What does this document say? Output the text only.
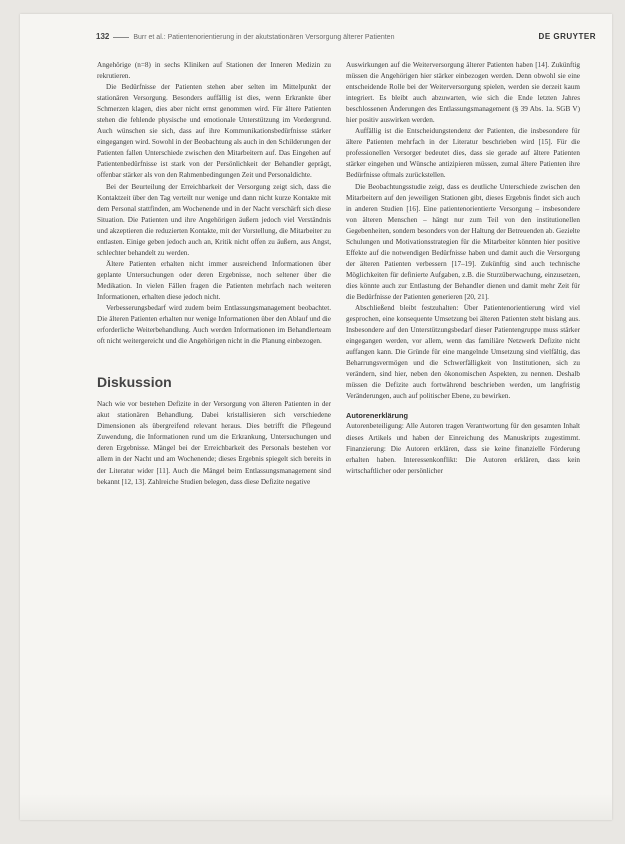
132	Burr et al.: Patientenorientierung in der akutstationären Versorgung älterer Patienten	DE GRUYTER

Angehörige (n=8) in sechs Kliniken auf Stationen der Inneren Medizin zu rekrutieren.

Die Bedürfnisse der Patienten stehen aber selten im Mittelpunkt der stationären Versorgung. Besonders auffällig ist dies, wenn Erkrankte über Schmerzen klagen, dies aber nicht ernst genommen wird. Für ältere Patienten stehen die fehlende physische und emotionale Unterstützung im Vordergrund. Auch wünschen sie sich, dass auf ihre Kommunikationsbedürfnisse stärker eingegangen wird. Sowohl in der Beobachtung als auch in den Schilderungen der Patienten fallen Unterschiede zwischen den Mitarbeitern auf. Das Eingehen auf Patientenbedürfnisse ist stark von der Persönlichkeit der Behandler geprägt, offenbar stärker als von den Rahmenbedingungen Zeit und Personaldichte.

Bei der Beurteilung der Erreichbarkeit der Versorgung zeigt sich, dass die Kontaktzeit über den Tag verteilt nur wenige und dann nicht kurze Kontakte mit dem Personal stattfinden, am Wochenende und in der Nacht verschärft sich diese Situation. Die Patienten und ihre Angehörigen äußern jedoch viel Verständnis und akzeptieren die reduzierten Kontakte, mit der Vorstellung, die Mitarbeiter zu entlasten. Einige geben jedoch auch an, Kritik nicht offen zu äußern, aus Angst, schlechter behandelt zu werden.

Ältere Patienten erhalten nicht immer ausreichend Informationen über geplante Untersuchungen oder deren Ergebnisse, noch seltener über die Medikation. In vielen Fällen fragen die Patienten mehrfach nach weiteren Informationen, erhalten diese jedoch nicht.

Verbesserungsbedarf wird zudem beim Entlassungsmanagement beobachtet. Die älteren Patienten erhalten nur wenige Informationen über den Ablauf und die erforderliche Weiterbehandlung. Auch werden Informationen im Behandlerteam oft nicht weitergereicht und die Angehörigen nicht in die Planung einbezogen.

Diskussion

Nach wie vor bestehen Defizite in der Versorgung von älteren Patienten in der akut stationären Behandlung. Dabei kristallisieren sich verschiedene Dimensionen als übergreifend relevant heraus. Dies betrifft die Pflegeund Zuwendung, die Informationen rund um die Erkrankung, Untersuchungen und deren Ergebnisse. Mängel bei der Erreichbarkeit des Personals bestehen vor allem in der Nacht und am Wochenende; dieses Ergebnis spiegelt sich bereits in der Literatur wider [11]. Auch die Mängel beim Entlassungsmanagement sind bekannt [12, 13]. Zahlreiche Studien belegen, dass diese Defizite negative

Auswirkungen auf die Weiterversorgung älterer Patienten haben [14]. Zukünftig müssen die Angehörigen hier stärker einbezogen werden. Denn obwohl sie eine entscheidende Rolle bei der Weiterversorgung spielen, werden sie derzeit kaum integriert. Es bleibt auch abzuwarten, wie sich die Ende letzten Jahres beschlossenen Änderungen des Entlassungsmanagement (§ 39 Abs. 1a. SGB V) hier positiv auswirken werden.

Auffällig ist die Entscheidungstendenz der Patienten, die insbesondere für ältere Patienten mehrfach in der Literatur beschrieben wird [15]. Für die professionellen Versorger bedeutet dies, dass sie gerade auf ältere Patienten stärker eingehen und Wünsche antizipieren müssen, zumal ältere Patienten ihre Bedürfnisse oftmals zurückstellen.

Die Beobachtungsstudie zeigt, dass es deutliche Unterschiede zwischen den Mitarbeitern auf den jeweiligen Stationen gibt, dieses Ergebnis findet sich auch in anderen Studien [16]. Eine patientenorientierte Versorgung – insbesondere von älteren Menschen – hängt nur zum Teil von den institutionellen Gegebenheiten, sondern besonders von der Haltung der Betreuenden ab. Gezielte Schulungen und Motivationsstrategien für die Mitarbeiter könnten hier positive Effekte auf die notwendigen Bedürfnisse haben und damit auch die Versorgung der älteren Patienten verbessern [17–19]. Zukünftig sind auch technische Möglichkeiten für definierte Aufgaben, z.B. die Sturzüberwachung, einzusetzen, dies könnte auch zur Entlastung der Behandler dienen und damit mehr Zeit für die Bedürfnisse der Patienten generieren [20, 21].

Abschließend bleibt festzuhalten: Über Patientenorientierung wird viel gesprochen, eine konsequente Umsetzung bei älteren Patienten steht bislang aus. Insbesondere auf den Unterstützungsbedarf dieser Patientengruppe muss stärker eingegangen werden, vor allem, wenn das familiäre Netzwerk Defizite nicht auffangen kann. Die Gründe für eine mangelnde Umsetzung sind vielfältig, das Beharrungsvermögen und die Schwerfälligkeit von Institutionen, sich zu verändern, sind hier, neben den ökonomischen Aspekten, zu nennen. Deshalb müssen die Defizite auch fortwährend beschrieben werden, um langfristig Veränderungen, auch auf politischer Ebene, zu bewirken.

Autorenerklärung

Autorenbeteiligung: Alle Autoren tragen Verantwortung für den gesamten Inhalt dieses Artikels und haben der Einreichung des Manuskripts zugestimmt. Finanzierung: Die Autoren erklären, dass sie keine finanzielle Förderung erhalten haben. Interessenkonflikt: Die Autoren erklären, dass kein wirtschaftlicher oder persönlicher
